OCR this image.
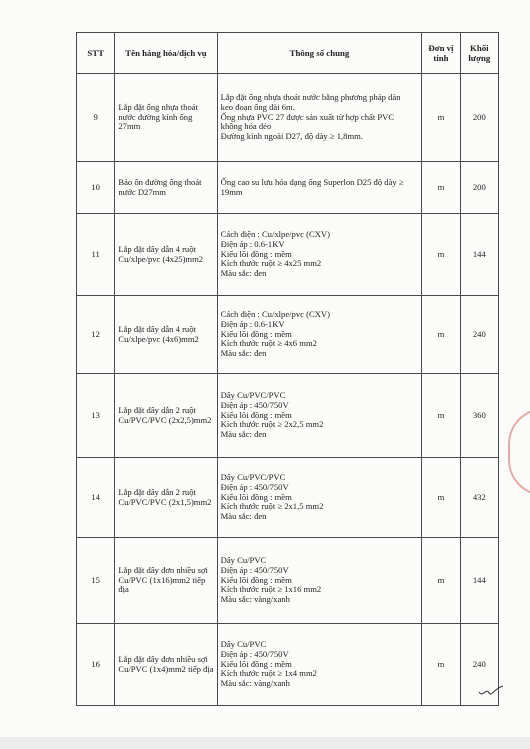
STT	Tên hàng hóa/dịch vụ	Thông số chung	Đơn vị tính	Khối lượng
9	Lắp đặt ống nhựa thoát nước đường kính ống 27mm	Lắp đặt ống nhựa thoát nước bằng phương pháp dán
keo đoạn ống dài 6m.
Ống nhựa PVC 27 được sản xuất từ hợp chất PVC
không hóa dẻo
Đường kính ngoài D27, độ dày ≥ 1,8mm.	m	200
10	Bảo ôn đường ống thoát nước D27mm	Ống cao su lưu hóa dạng ống Superlon D25 độ dày ≥
19mm	m	200
11	Lắp đặt dây dẫn 4 ruột Cu/xlpe/pvc (4x25)mm2	Cách điện : Cu/xlpe/pvc (CXV)
Điện áp : 0.6-1KV
Kiểu lõi đồng : mềm
Kích thước ruột ≥ 4x25 mm2
Màu sắc: đen	m	144
12	Lắp đặt dây dẫn 4 ruột Cu/xlpe/pvc (4x6)mm2	Cách điện : Cu/xlpe/pvc (CXV)
Điện áp : 0.6-1KV
Kiểu lõi đồng : mềm
Kích thước ruột ≥ 4x6 mm2
Màu sắc: đen	m	240
13	Lắp đặt dây dẫn 2 ruột Cu/PVC/PVC (2x2,5)mm2	Dây Cu/PVC/PVC
Điện áp : 450/750V
Kiểu lõi đồng : mềm
Kích thước ruột ≥ 2x2,5 mm2
Màu sắc: đen	m	360
14	Lắp đặt dây dẫn 2 ruột Cu/PVC/PVC (2x1,5)mm2	Dây Cu/PVC/PVC
Điện áp : 450/750V
Kiểu lõi đồng : mềm
Kích thước ruột ≥ 2x1,5 mm2
Màu sắc: đen	m	432
15	Lắp đặt dây đơn nhiều sợi Cu/PVC (1x16)mm2 tiếp địa	Dây Cu/PVC
Điện áp : 450/750V
Kiểu lõi đồng : mềm
Kích thước ruột ≥ 1x16 mm2
Màu sắc: vàng/xanh	m	144
16	Lắp đặt dây đơn nhiều sợi Cu/PVC (1x4)mm2 tiếp địa	Dây Cu/PVC
Điện áp : 450/750V
Kiểu lõi đồng : mềm
Kích thước ruột ≥ 1x4 mm2
Màu sắc: vàng/xanh	m	240
